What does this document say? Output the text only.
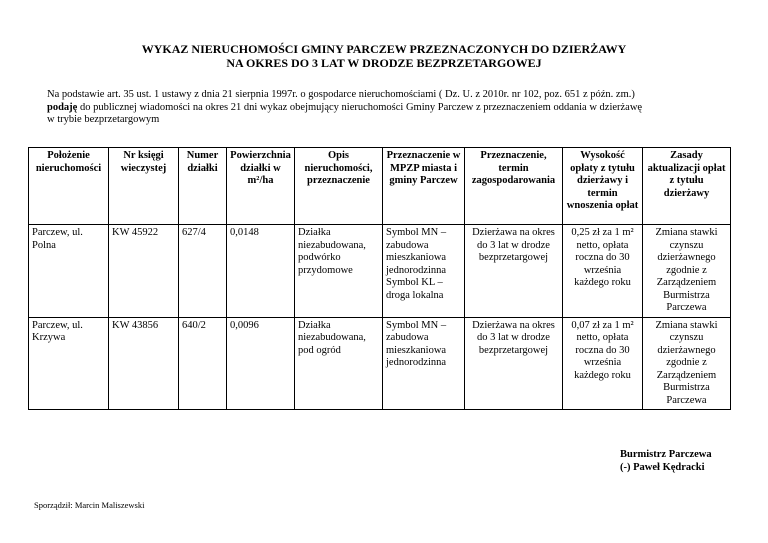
WYKAZ NIERUCHOMOŚCI GMINY PARCZEW PRZEZNACZONYCH DO DZIERŻAWY
NA OKRES DO 3 LAT W DRODZE BEZPRZETARGOWEJ
Na podstawie art. 35 ust. 1 ustawy z dnia 21 sierpnia 1997r. o gospodarce nieruchomościami ( Dz. U. z 2010r. nr 102, poz. 651 z późn. zm.)
podaję do publicznej wiadomości na okres 21 dni wykaz obejmujący nieruchomości Gminy Parczew z przeznaczeniem oddania w dzierżawę
w trybie bezprzetargowym
Położenie nieruchomości	Nr księgi wieczystej	Numer działki	Powierzchnia działki w m²/ha	Opis nieruchomości, przeznaczenie	Przeznaczenie w MPZP miasta i gminy Parczew	Przeznaczenie, termin zagospodarowania	Wysokość opłaty z tytułu dzierżawy i termin wnoszenia opłat	Zasady aktualizacji opłat z tytułu dzierżawy
Parczew, ul. Polna	KW 45922	627/4	0,0148	Działka niezabudowana, podwórko przydomowe	Symbol MN – zabudowa mieszkaniowa jednorodzinna Symbol KL – droga lokalna	Dzierżawa na okres do 3 lat w drodze bezprzetargowej	0,25 zł za 1 m² netto, opłata roczna do 30 września każdego roku	Zmiana stawki czynszu dzierżawnego zgodnie z Zarządzeniem Burmistrza Parczewa
Parczew, ul. Krzywa	KW 43856	640/2	0,0096	Działka niezabudowana, pod ogród	Symbol MN – zabudowa mieszkaniowa jednorodzinna	Dzierżawa na okres do 3 lat w drodze bezprzetargowej	0,07 zł za 1 m² netto, opłata roczna do 30 września każdego roku	Zmiana stawki czynszu dzierżawnego zgodnie z Zarządzeniem Burmistrza Parczewa
Burmistrz Parczewa
(-) Paweł Kędracki
Sporządził: Marcin Maliszewski
